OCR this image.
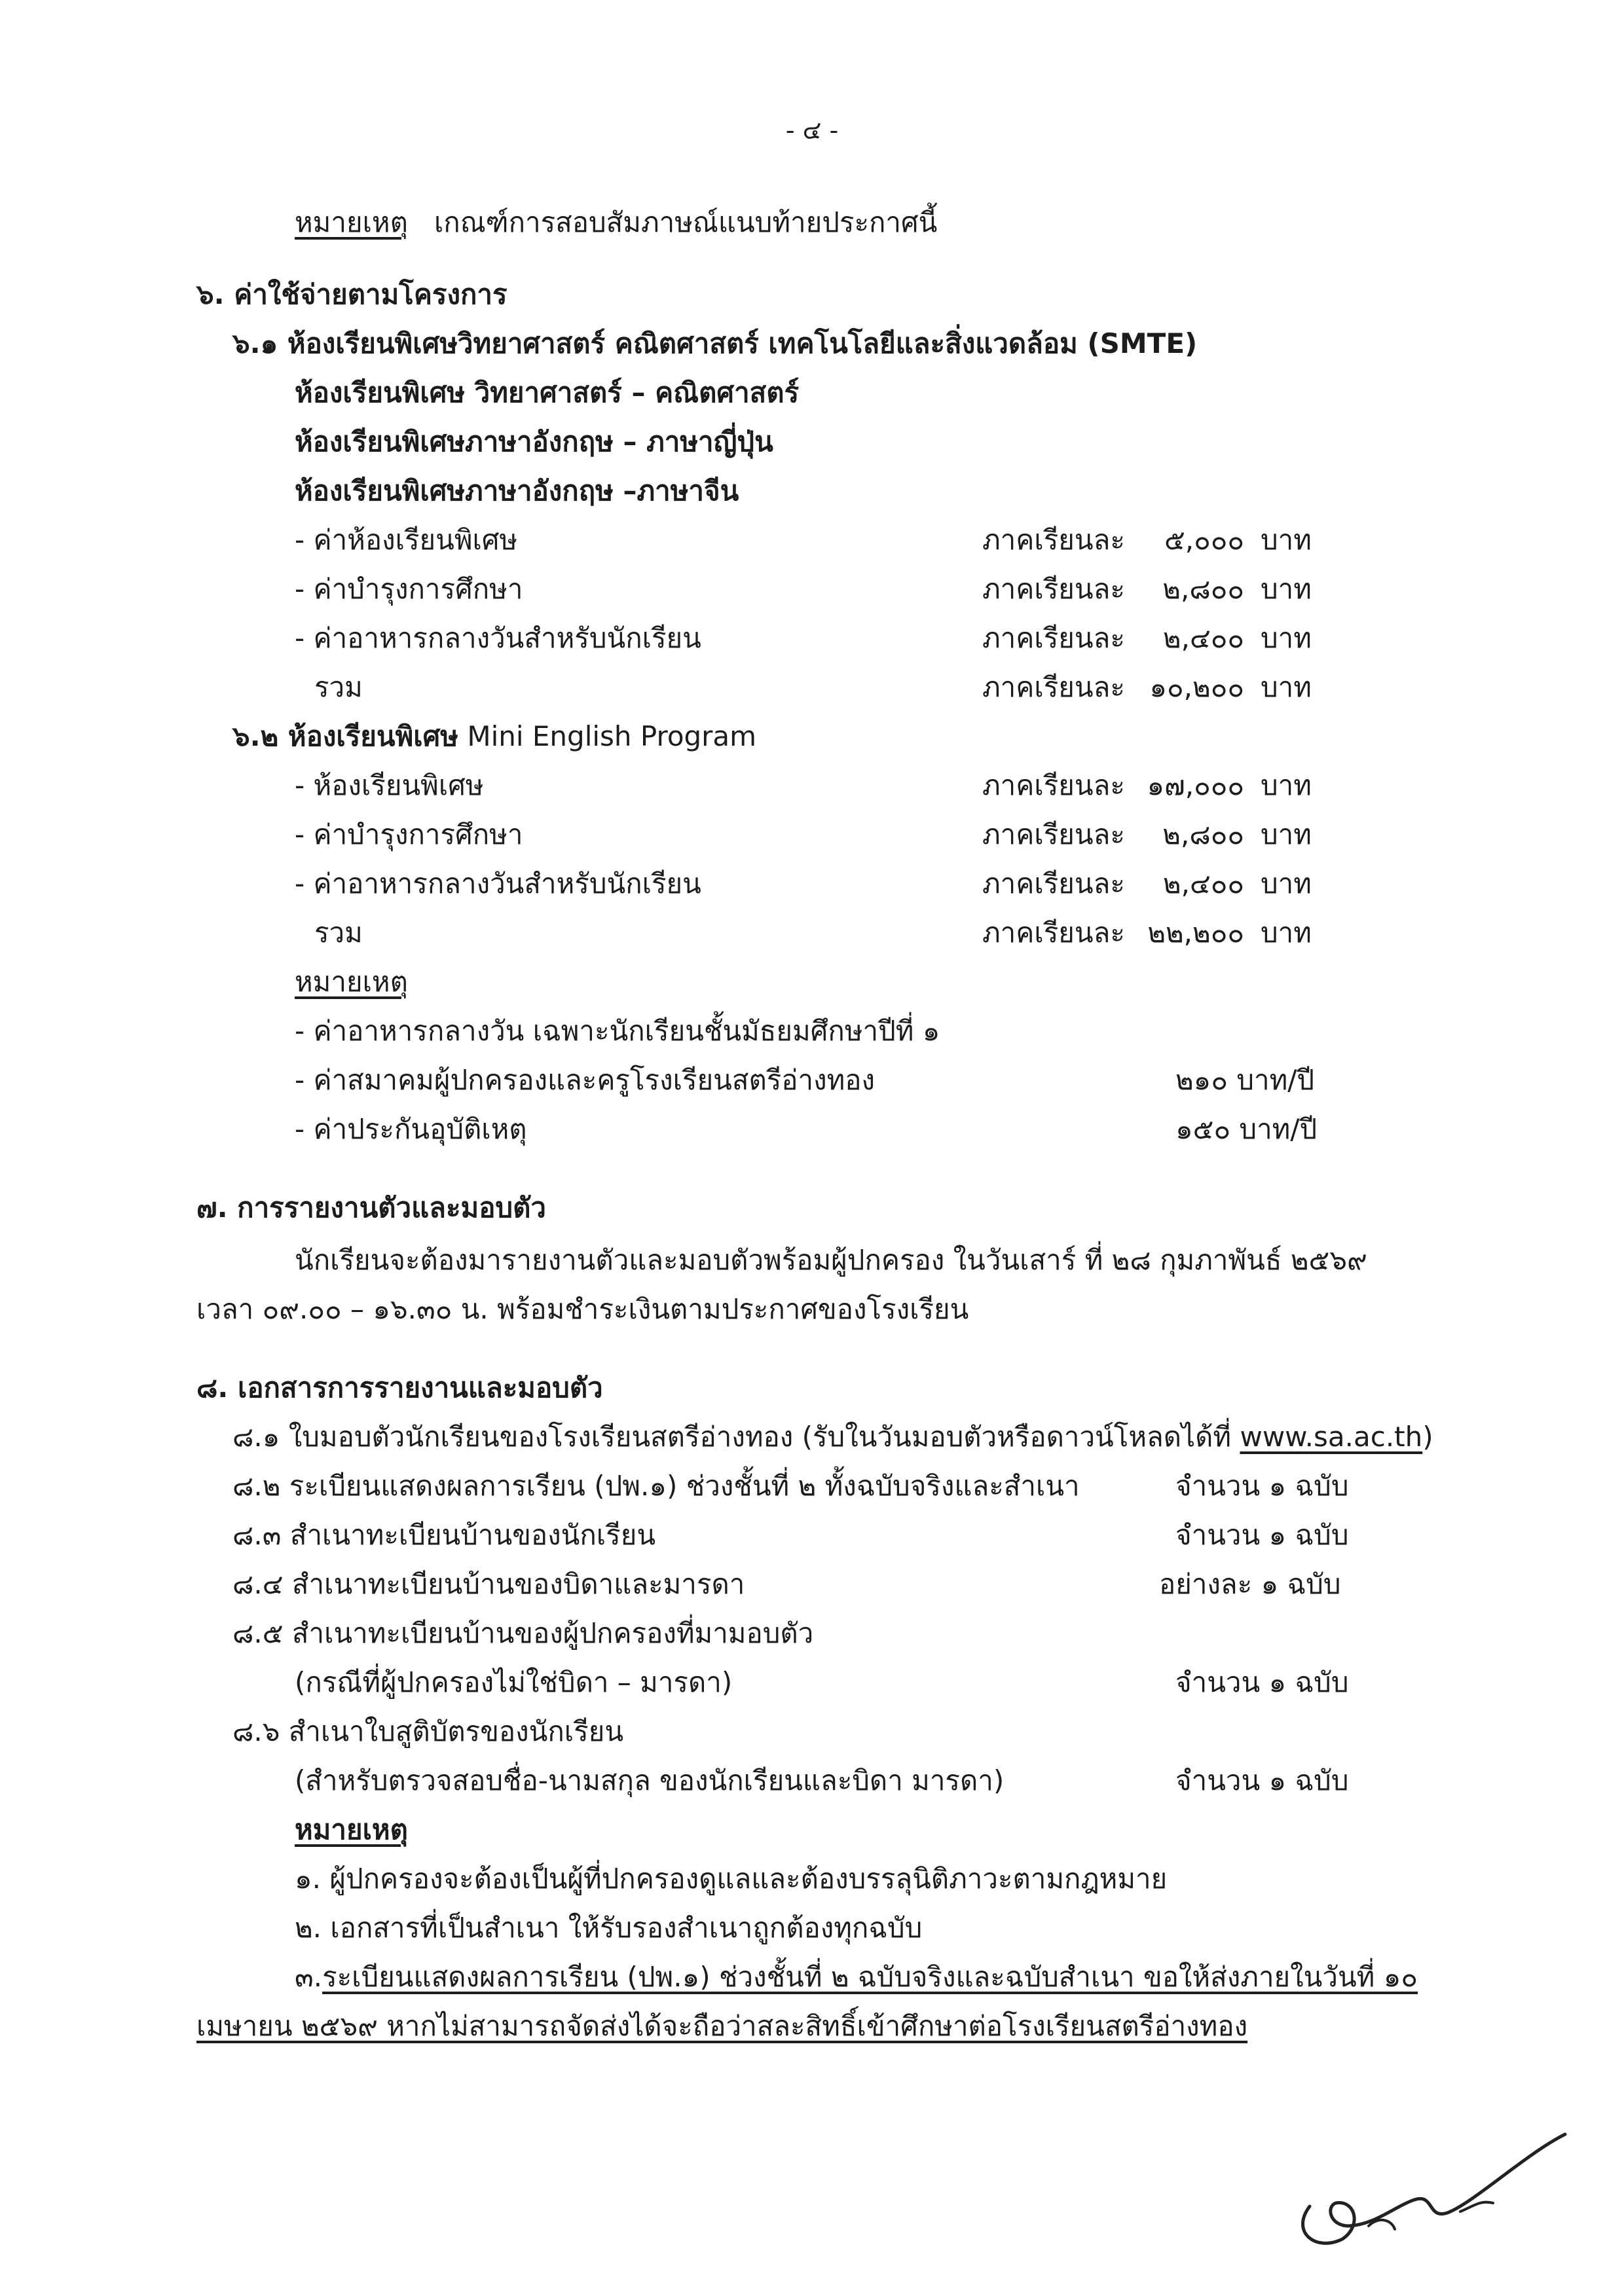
- ๔ -
หมายเหตุ เกณฑ์การสอบสัมภาษณ์แนบท้ายประกาศนี้
๖. ค่าใช้จ่ายตามโครงการ
๖.๑ ห้องเรียนพิเศษวิทยาศาสตร์ คณิตศาสตร์ เทคโนโลยีและสิ่งแวดล้อม (SMTE)
ห้องเรียนพิเศษ วิทยาศาสตร์ – คณิตศาสตร์
ห้องเรียนพิเศษภาษาอังกฤษ – ภาษาญี่ปุ่น
ห้องเรียนพิเศษภาษาอังกฤษ –ภาษาจีน
- ค่าห้องเรียนพิเศษ	ภาคเรียนละ ๕,๐๐๐ บาท
- ค่าบำรุงการศึกษา	ภาคเรียนละ ๒,๘๐๐ บาท
- ค่าอาหารกลางวันสำหรับนักเรียน	ภาคเรียนละ ๒,๔๐๐ บาท
รวม	ภาคเรียนละ ๑๐,๒๐๐ บาท
๖.๒ ห้องเรียนพิเศษ Mini English Program
- ห้องเรียนพิเศษ	ภาคเรียนละ ๑๗,๐๐๐ บาท
- ค่าบำรุงการศึกษา	ภาคเรียนละ ๒,๘๐๐ บาท
- ค่าอาหารกลางวันสำหรับนักเรียน	ภาคเรียนละ ๒,๔๐๐ บาท
รวม	ภาคเรียนละ ๒๒,๒๐๐ บาท
หมายเหตุ
- ค่าอาหารกลางวัน เฉพาะนักเรียนชั้นมัธยมศึกษาปีที่ ๑
- ค่าสมาคมผู้ปกครองและครูโรงเรียนสตรีอ่างทอง	๒๑๐ บาท/ปี
- ค่าประกันอุบัติเหตุ	๑๕๐ บาท/ปี
๗. การรายงานตัวและมอบตัว
นักเรียนจะต้องมารายงานตัวและมอบตัวพร้อมผู้ปกครอง ในวันเสาร์ ที่ ๒๘ กุมภาพันธ์ ๒๕๖๙
เวลา ๐๙.๐๐ – ๑๖.๓๐ น. พร้อมชำระเงินตามประกาศของโรงเรียน
๘. เอกสารการรายงานและมอบตัว
๘.๑ ใบมอบตัวนักเรียนของโรงเรียนสตรีอ่างทอง (รับในวันมอบตัวหรือดาวน์โหลดได้ที่ www.sa.ac.th)
๘.๒ ระเบียนแสดงผลการเรียน (ปพ.๑) ช่วงชั้นที่ ๒ ทั้งฉบับจริงและสำเนา	จำนวน ๑ ฉบับ
๘.๓ สำเนาทะเบียนบ้านของนักเรียน	จำนวน ๑ ฉบับ
๘.๔ สำเนาทะเบียนบ้านของบิดาและมารดา	อย่างละ ๑ ฉบับ
๘.๕ สำเนาทะเบียนบ้านของผู้ปกครองที่มามอบตัว
(กรณีที่ผู้ปกครองไม่ใช่บิดา – มารดา)	จำนวน ๑ ฉบับ
๘.๖ สำเนาใบสูติบัตรของนักเรียน
(สำหรับตรวจสอบชื่อ-นามสกุล ของนักเรียนและบิดา มารดา)	จำนวน ๑ ฉบับ
หมายเหตุ
๑. ผู้ปกครองจะต้องเป็นผู้ที่ปกครองดูแลและต้องบรรลุนิติภาวะตามกฎหมาย
๒. เอกสารที่เป็นสำเนา ให้รับรองสำเนาถูกต้องทุกฉบับ
๓.ระเบียนแสดงผลการเรียน (ปพ.๑) ช่วงชั้นที่ ๒ ฉบับจริงและฉบับสำเนา ขอให้ส่งภายในวันที่ ๑๐
เมษายน ๒๕๖๙ หากไม่สามารถจัดส่งได้จะถือว่าสละสิทธิ์เข้าศึกษาต่อโรงเรียนสตรีอ่างทอง
